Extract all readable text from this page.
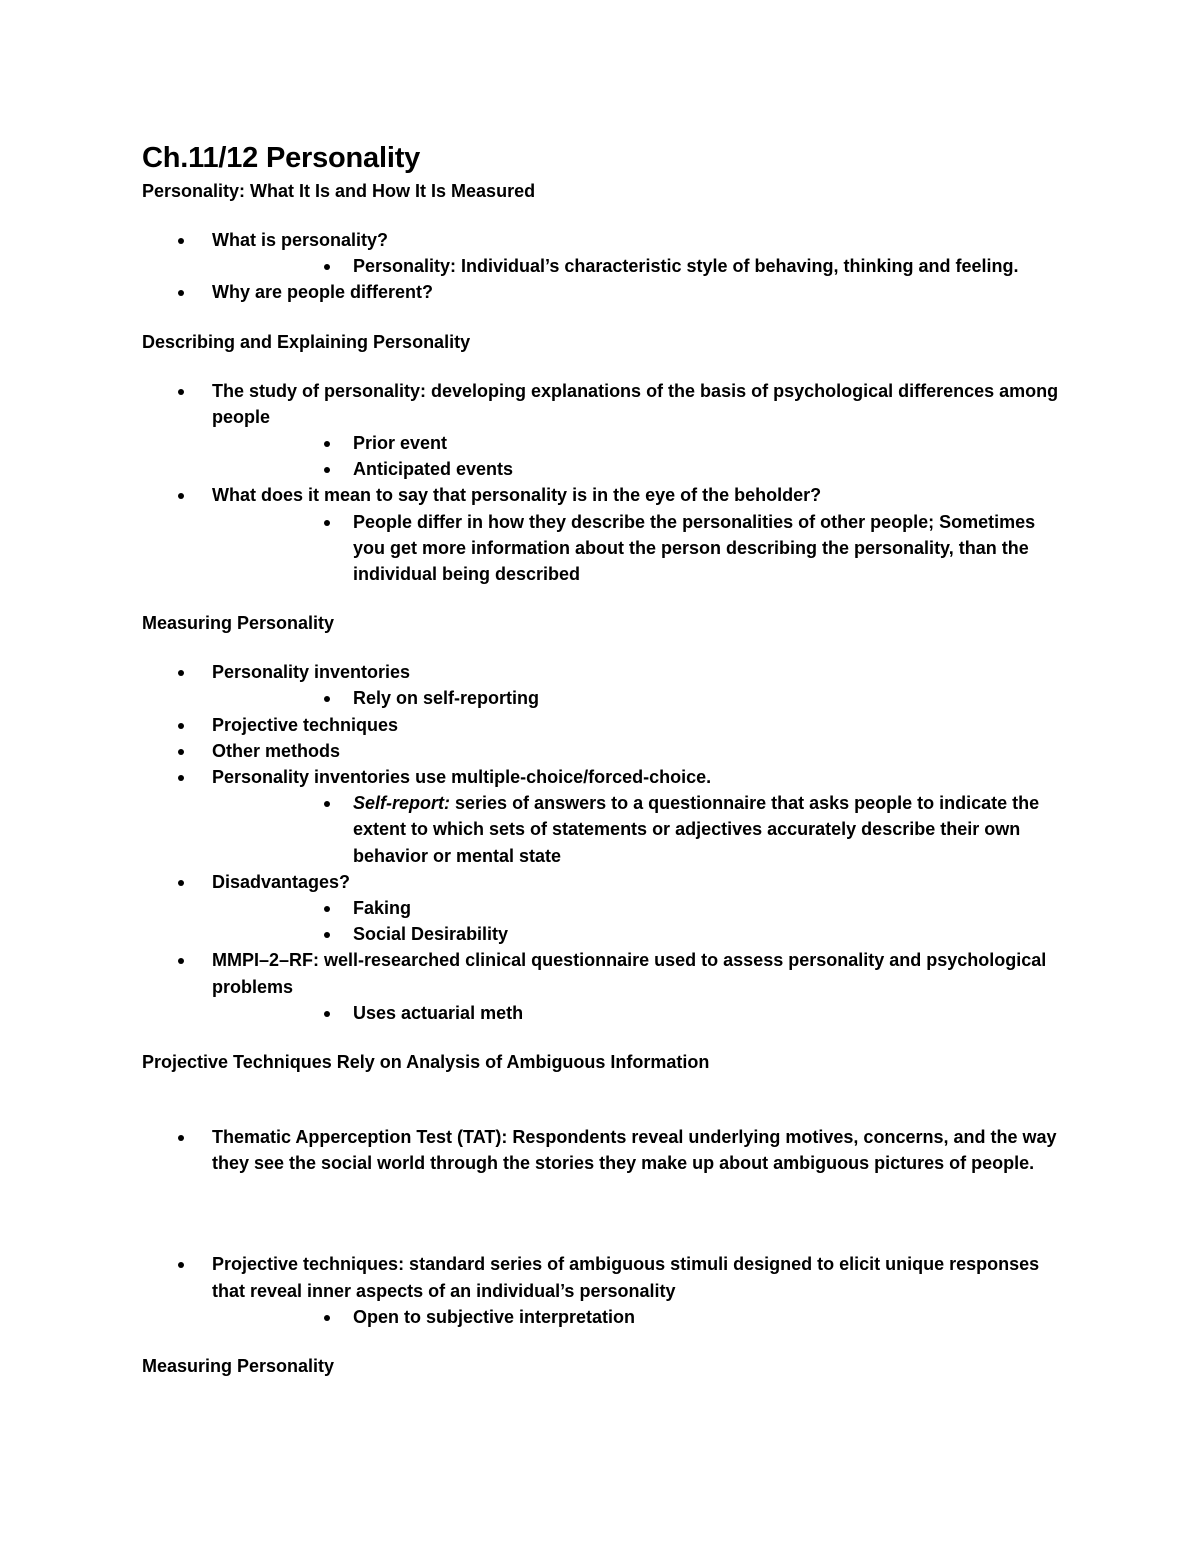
Ch.11/12 Personality
Personality: What It Is and How It Is Measured
What is personality?
Personality: Individual’s characteristic style of behaving, thinking and feeling.
Why are people different?
Describing and Explaining Personality
The study of personality: developing explanations of the basis of psychological differences among people
Prior event
Anticipated events
What does it mean to say that personality is in the eye of the beholder?
People differ in how they describe the personalities of other people; Sometimes you get more information about the person describing the personality, than the individual being described
Measuring Personality
Personality inventories
Rely on self-reporting
Projective techniques
Other methods
Personality inventories use multiple-choice/forced-choice.
Self-report: series of answers to a questionnaire that asks people to indicate the extent to which sets of statements or adjectives accurately describe their own behavior or mental state
Disadvantages?
Faking
Social Desirability
MMPI–2–RF: well-researched clinical questionnaire used to assess personality and psychological problems
Uses actuarial meth
Projective Techniques Rely on Analysis of Ambiguous Information
Thematic Apperception Test (TAT): Respondents reveal underlying motives, concerns, and the way they see the social world through the stories they make up about ambiguous pictures of people.
Projective techniques: standard series of ambiguous stimuli designed to elicit unique responses that reveal inner aspects of an individual’s personality
Open to subjective interpretation
Measuring Personality
